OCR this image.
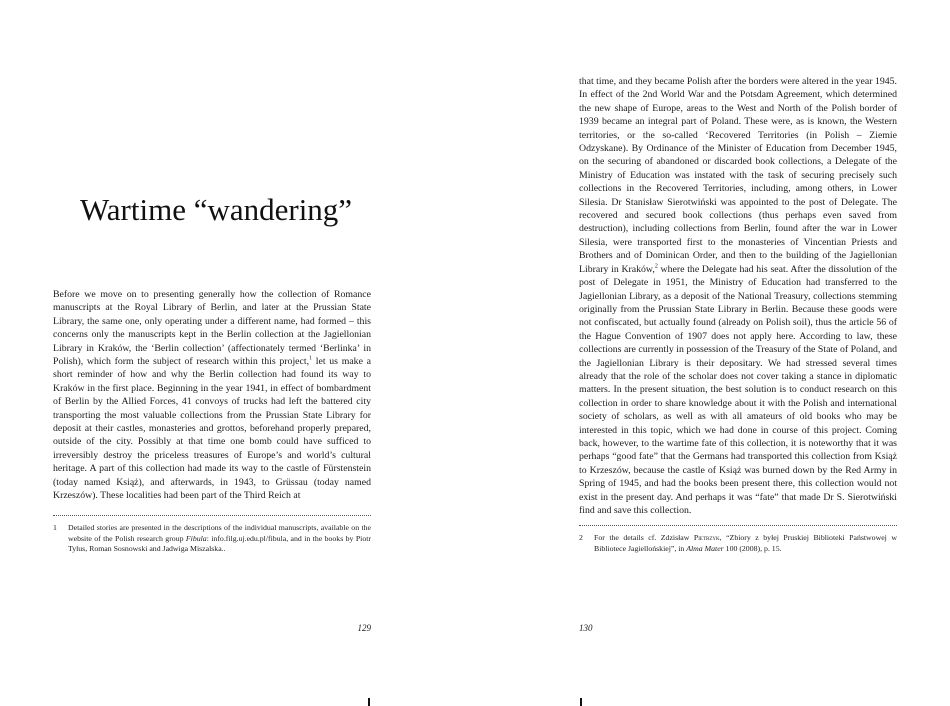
Wartime “wandering”

Before we move on to presenting generally how the collection of Romance manuscripts at the Royal Library of Berlin, and later at the Prussian State Library, the same one, only operating under a different name, had formed – this concerns only the manuscripts kept in the Berlin collection at the Jagiellonian Library in Kraków, the ‘Berlin collection’ (affectionately termed ‘Berlinka’ in Polish), which form the subject of research within this project,$^1$ let us make a short reminder of how and why the Berlin collection had found its way to Kraków in the first place. Beginning in the year 1941, in effect of bombardment of Berlin by the Allied Forces, 41 convoys of trucks had left the battered city transporting the most valuable collections from the Prussian State Library for deposit at their castles, monasteries and grottos, beforehand properly prepared, outside of the city. Possibly at that time one bomb could have sufficed to irreversibly destroy the priceless treasures of Europe’s and world’s cultural heritage. A part of this collection had made its way to the castle of Fürstenstein (today named Książ), and afterwards, in 1943, to Grüssau (today named Krzeszów). These localities had been part of the Third Reich at

1	Detailed stories are presented in the descriptions of the individual manuscripts, available on the website of the Polish research group Fibula: info.filg.uj.edu.pl/fibula, and in the books by Piotr Tylus, Roman Sosnowski and Jadwiga Miszalska..
129

that time, and they became Polish after the borders were altered in the year 1945. In effect of the 2nd World War and the Potsdam Agreement, which determined the new shape of Europe, areas to the West and North of the Polish border of 1939 became an integral part of Poland. These were, as is known, the Western territories, or the so-called ‘Recovered Territories (in Polish – Ziemie Odzyskane). By Ordinance of the Minister of Education from December 1945, on the securing of abandoned or discarded book collections, a Delegate of the Ministry of Education was instated with the task of securing precisely such collections in the Recovered Territories, including, among others, in Lower Silesia. Dr Stanisław Sierotwiński was appointed to the post of Delegate. The recovered and secured book collections (thus perhaps even saved from destruction), including collections from Berlin, found after the war in Lower Silesia, were transported first to the monasteries of Vincentian Priests and Brothers and of Dominican Order, and then to the building of the Jagiellonian Library in Kraków,$^2$ where the Delegate had his seat. After the dissolution of the post of Delegate in 1951, the Ministry of Education had transferred to the Jagiellonian Library, as a deposit of the National Treasury, collections stemming originally from the Prussian State Library in Berlin. Because these goods were not confiscated, but actually found (already on Polish soil), thus the article 56 of the Hague Convention of 1907 does not apply here. According to law, these collections are currently in possession of the Treasury of the State of Poland, and the Jagiellonian Library is their depositary. We had stressed several times already that the role of the scholar does not cover taking a stance in diplomatic matters. In the present situation, the best solution is to conduct research on this collection in order to share knowledge about it with the Polish and international society of scholars, as well as with all amateurs of old books who may be interested in this topic, which we had done in course of this project. Coming back, however, to the wartime fate of this collection, it is noteworthy that it was perhaps “good fate” that the Germans had transported this collection from Książ to Krzeszów, because the castle of Książ was burned down by the Red Army in Spring of 1945, and had the books been present there, this collection would not exist in the present day. And perhaps it was “fate” that made Dr S. Sierotwiński find and save this collection.

2	For the details cf. Zdzisław Pietrzyk, “Zbiory z byłej Pruskiej Biblioteki Państwowej w Bibliotece Jagiellońskiej”, in Alma Mater 100 (2008), p. 15.
130
